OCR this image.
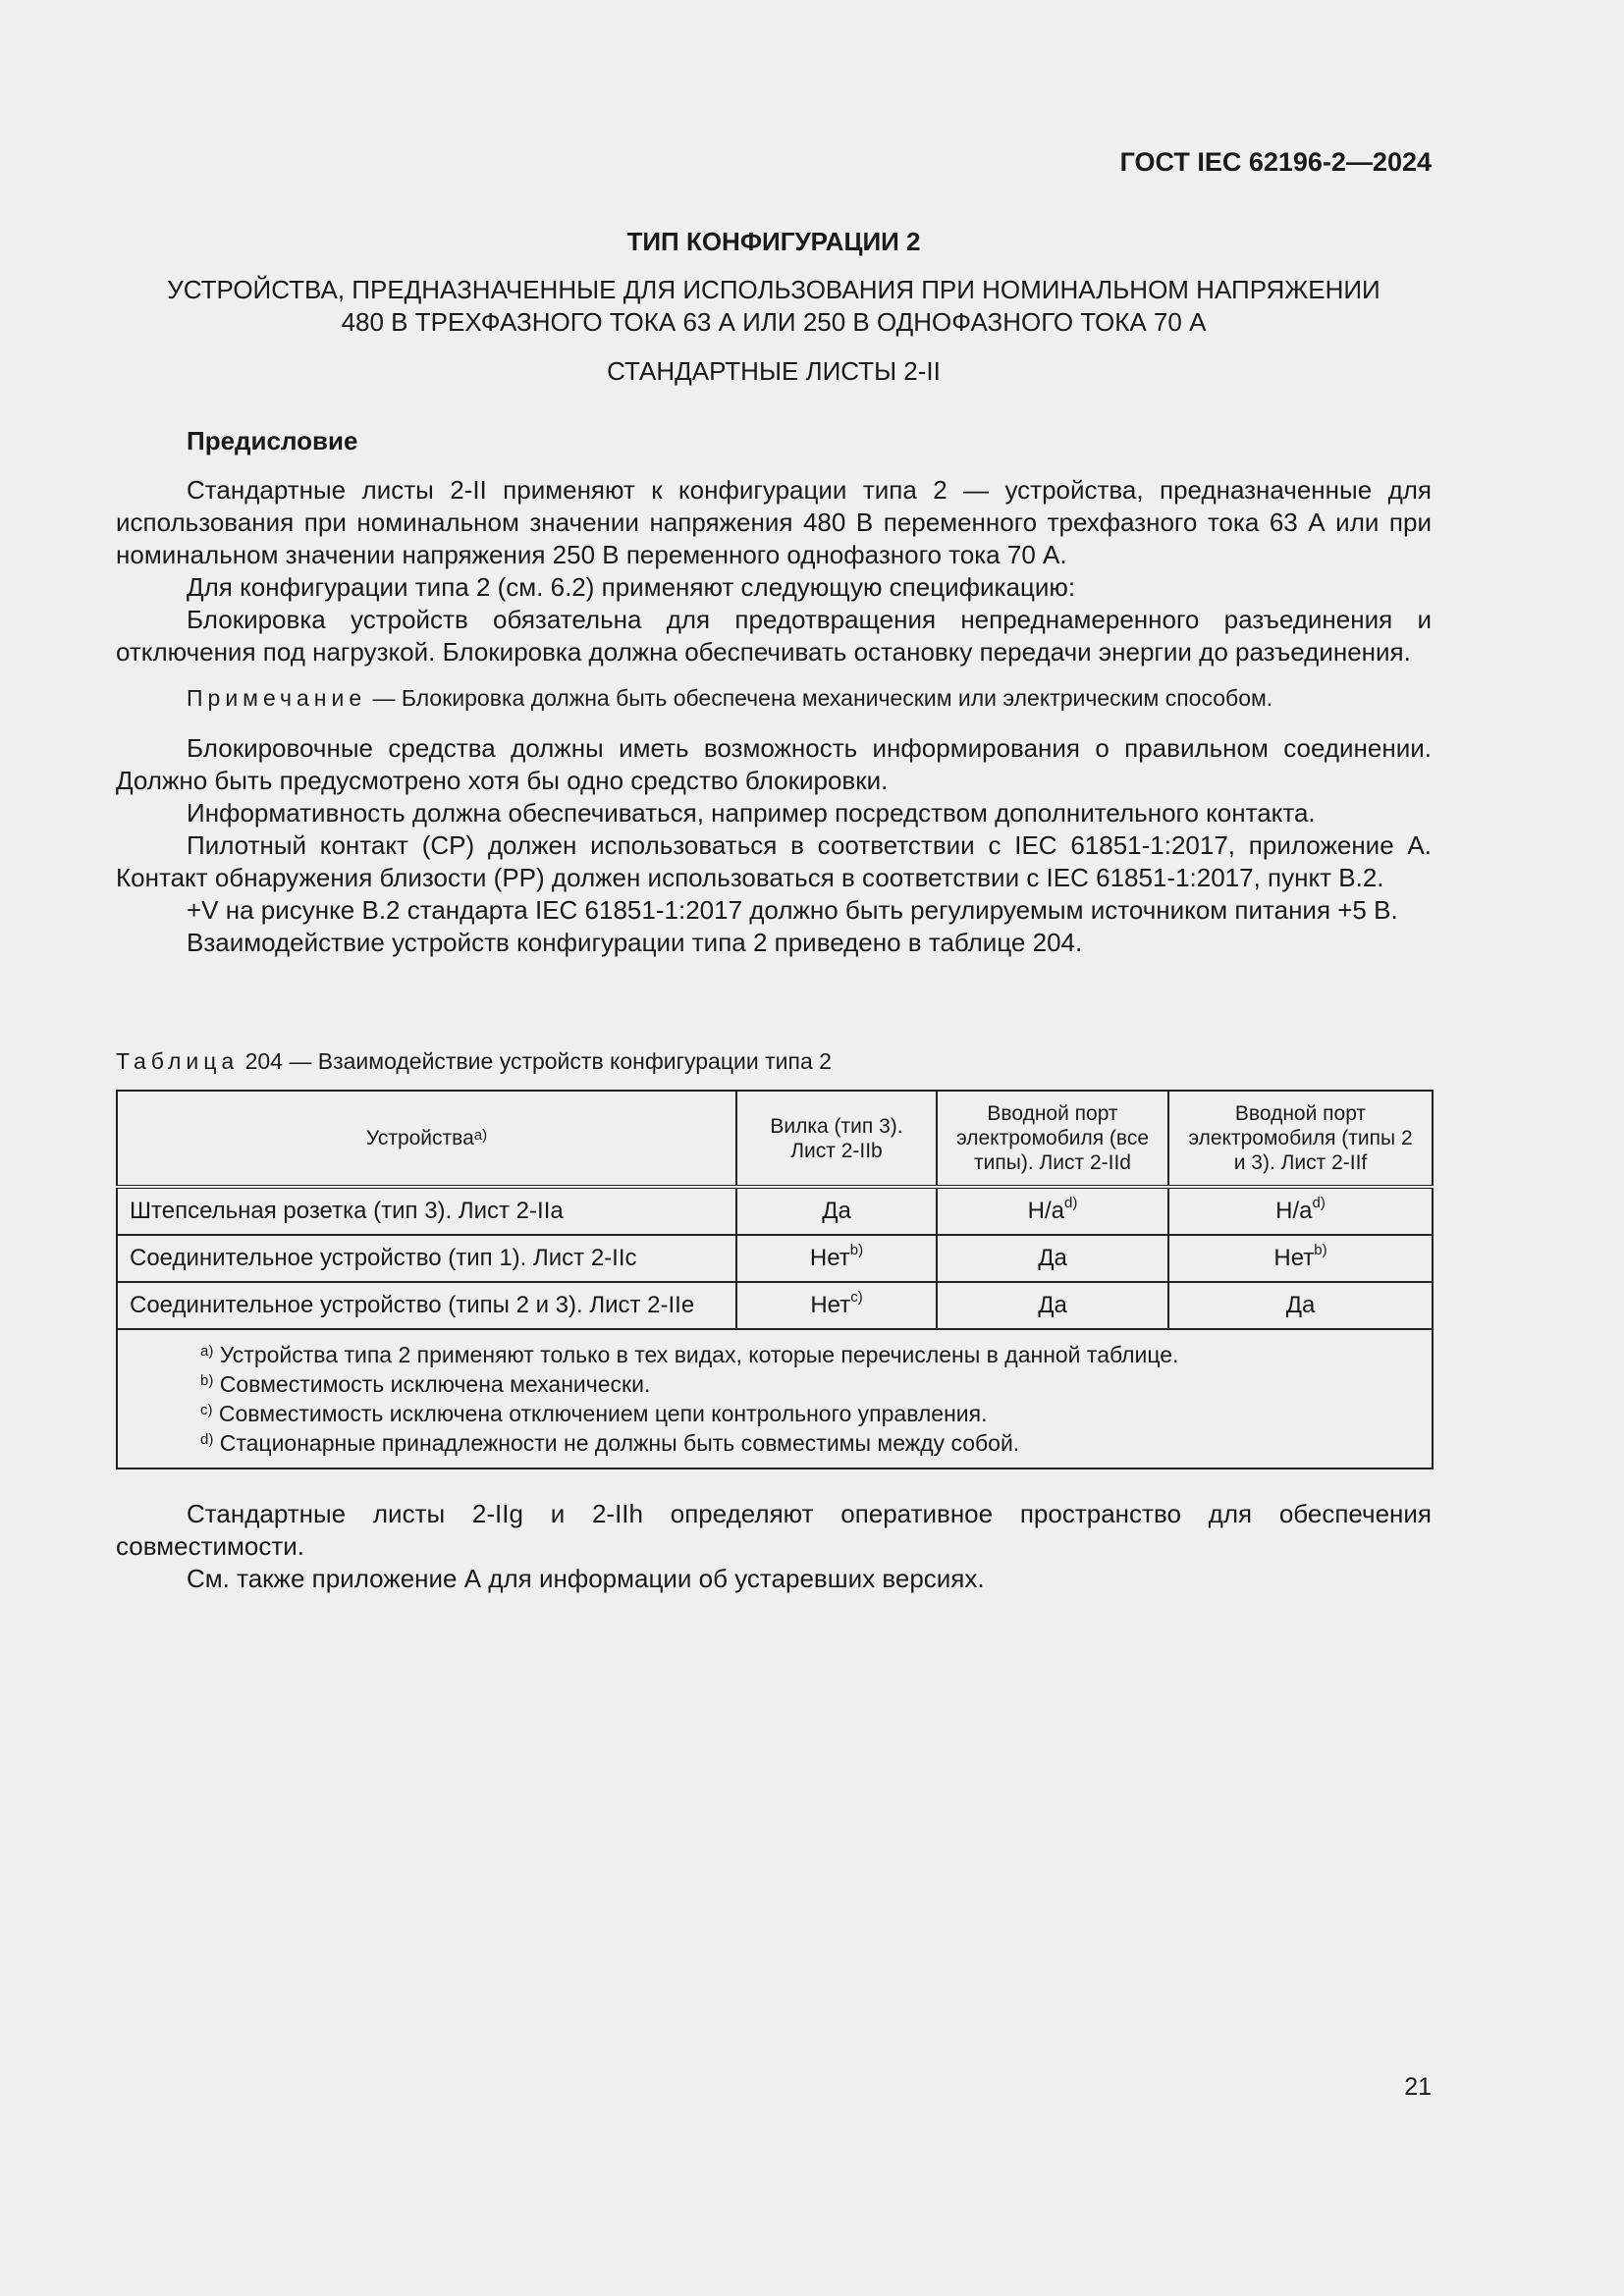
ГОСТ IEC 62196-2—2024
ТИП КОНФИГУРАЦИИ 2
УСТРОЙСТВА, ПРЕДНАЗНАЧЕННЫЕ ДЛЯ ИСПОЛЬЗОВАНИЯ ПРИ НОМИНАЛЬНОМ НАПРЯЖЕНИИ
480 В ТРЕХФАЗНОГО ТОКА 63 А ИЛИ 250 В ОДНОФАЗНОГО ТОКА 70 А
СТАНДАРТНЫЕ ЛИСТЫ 2-II
Предисловие

Стандартные листы 2-II применяют к конфигурации типа 2 — устройства, предназначенные для использования при номинальном значении напряжения 480 В переменного трехфазного тока 63 А или при номинальном значении напряжения 250 В переменного однофазного тока 70 А.

Для конфигурации типа 2 (см. 6.2) применяют следующую спецификацию:

Блокировка устройств обязательна для предотвращения непреднамеренного разъединения и отключения под нагрузкой. Блокировка должна обеспечивать остановку передачи энергии до разъединения.

Примечание — Блокировка должна быть обеспечена механическим или электрическим способом.

Блокировочные средства должны иметь возможность информирования о правильном соединении. Должно быть предусмотрено хотя бы одно средство блокировки.

Информативность должна обеспечиваться, например посредством дополнительного контакта.

Пилотный контакт (CP) должен использоваться в соответствии с IEC 61851-1:2017, приложение А. Контакт обнаружения близости (PP) должен использоваться в соответствии с IEC 61851-1:2017, пункт B.2.

+V на рисунке B.2 стандарта IEC 61851-1:2017 должно быть регулируемым источником питания +5 В.

Взаимодействие устройств конфигурации типа 2 приведено в таблице 204.

Таблица 204 — Взаимодействие устройств конфигурации типа 2
Устройства$^{a)}$	Вилка (тип 3). Лист 2-IIb	Вводной порт электромобиля (все типы). Лист 2-IId	Вводной порт электромобиля (типы 2 и 3). Лист 2-IIf
Штепсельная розетка (тип 3). Лист 2-IIa	Да	$Н/а^{d)}$	$Н/а^{d)}$
Соединительное устройство (тип 1). Лист 2-IIc	Нет$^{b)}$	Да	Нет$^{b)}$
Соединительное устройство (типы 2 и 3). Лист 2-IIe	Нет$^{c)}$	Да	Да

$^{a)}$ Устройства типа 2 применяют только в тех видах, которые перечислены в данной таблице.
$^{b)}$ Совместимость исключена механически.
$^{c)}$ Совместимость исключена отключением цепи контрольного управления.
$^{d)}$ Стационарные принадлежности не должны быть совместимы между собой.			

Стандартные листы 2-IIg и 2-IIh определяют оперативное пространство для обеспечения совместимости.

См. также приложение А для информации об устаревших версиях.

21
